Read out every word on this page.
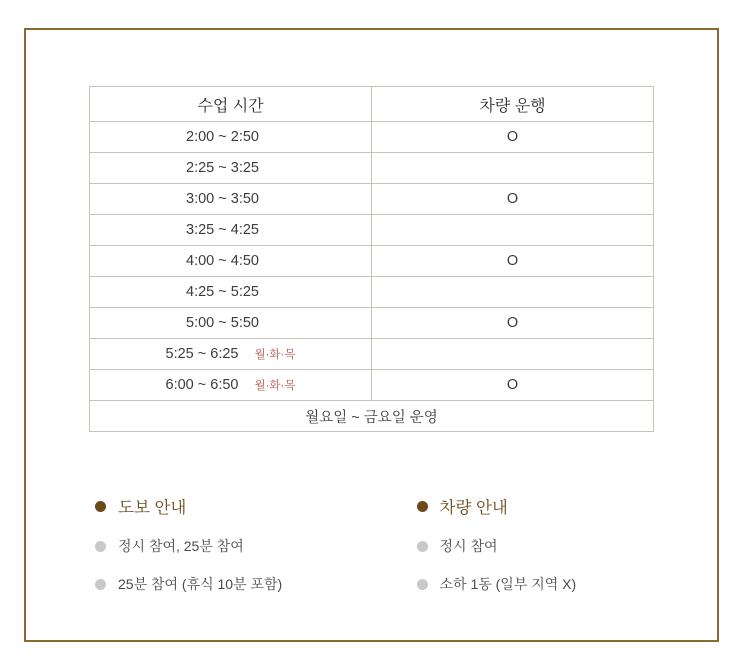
수업 시간	차량 운행
2:00 ~ 2:50	O
2:25 ~ 3:25	
3:00 ~ 3:50	O
3:25 ~ 4:25	
4:00 ~ 4:50	O
4:25 ~ 5:25	
5:00 ~ 5:50	O
5:25 ~ 6:25 월·화·목	
6:00 ~ 6:50 월·화·목	O
월요일 ~ 금요일 운영	
도보 안내
정시 참여, 25분 참여
25분 참여 (휴식 10분 포함)
차량 안내
정시 참여
소하 1동 (일부 지역 X)
